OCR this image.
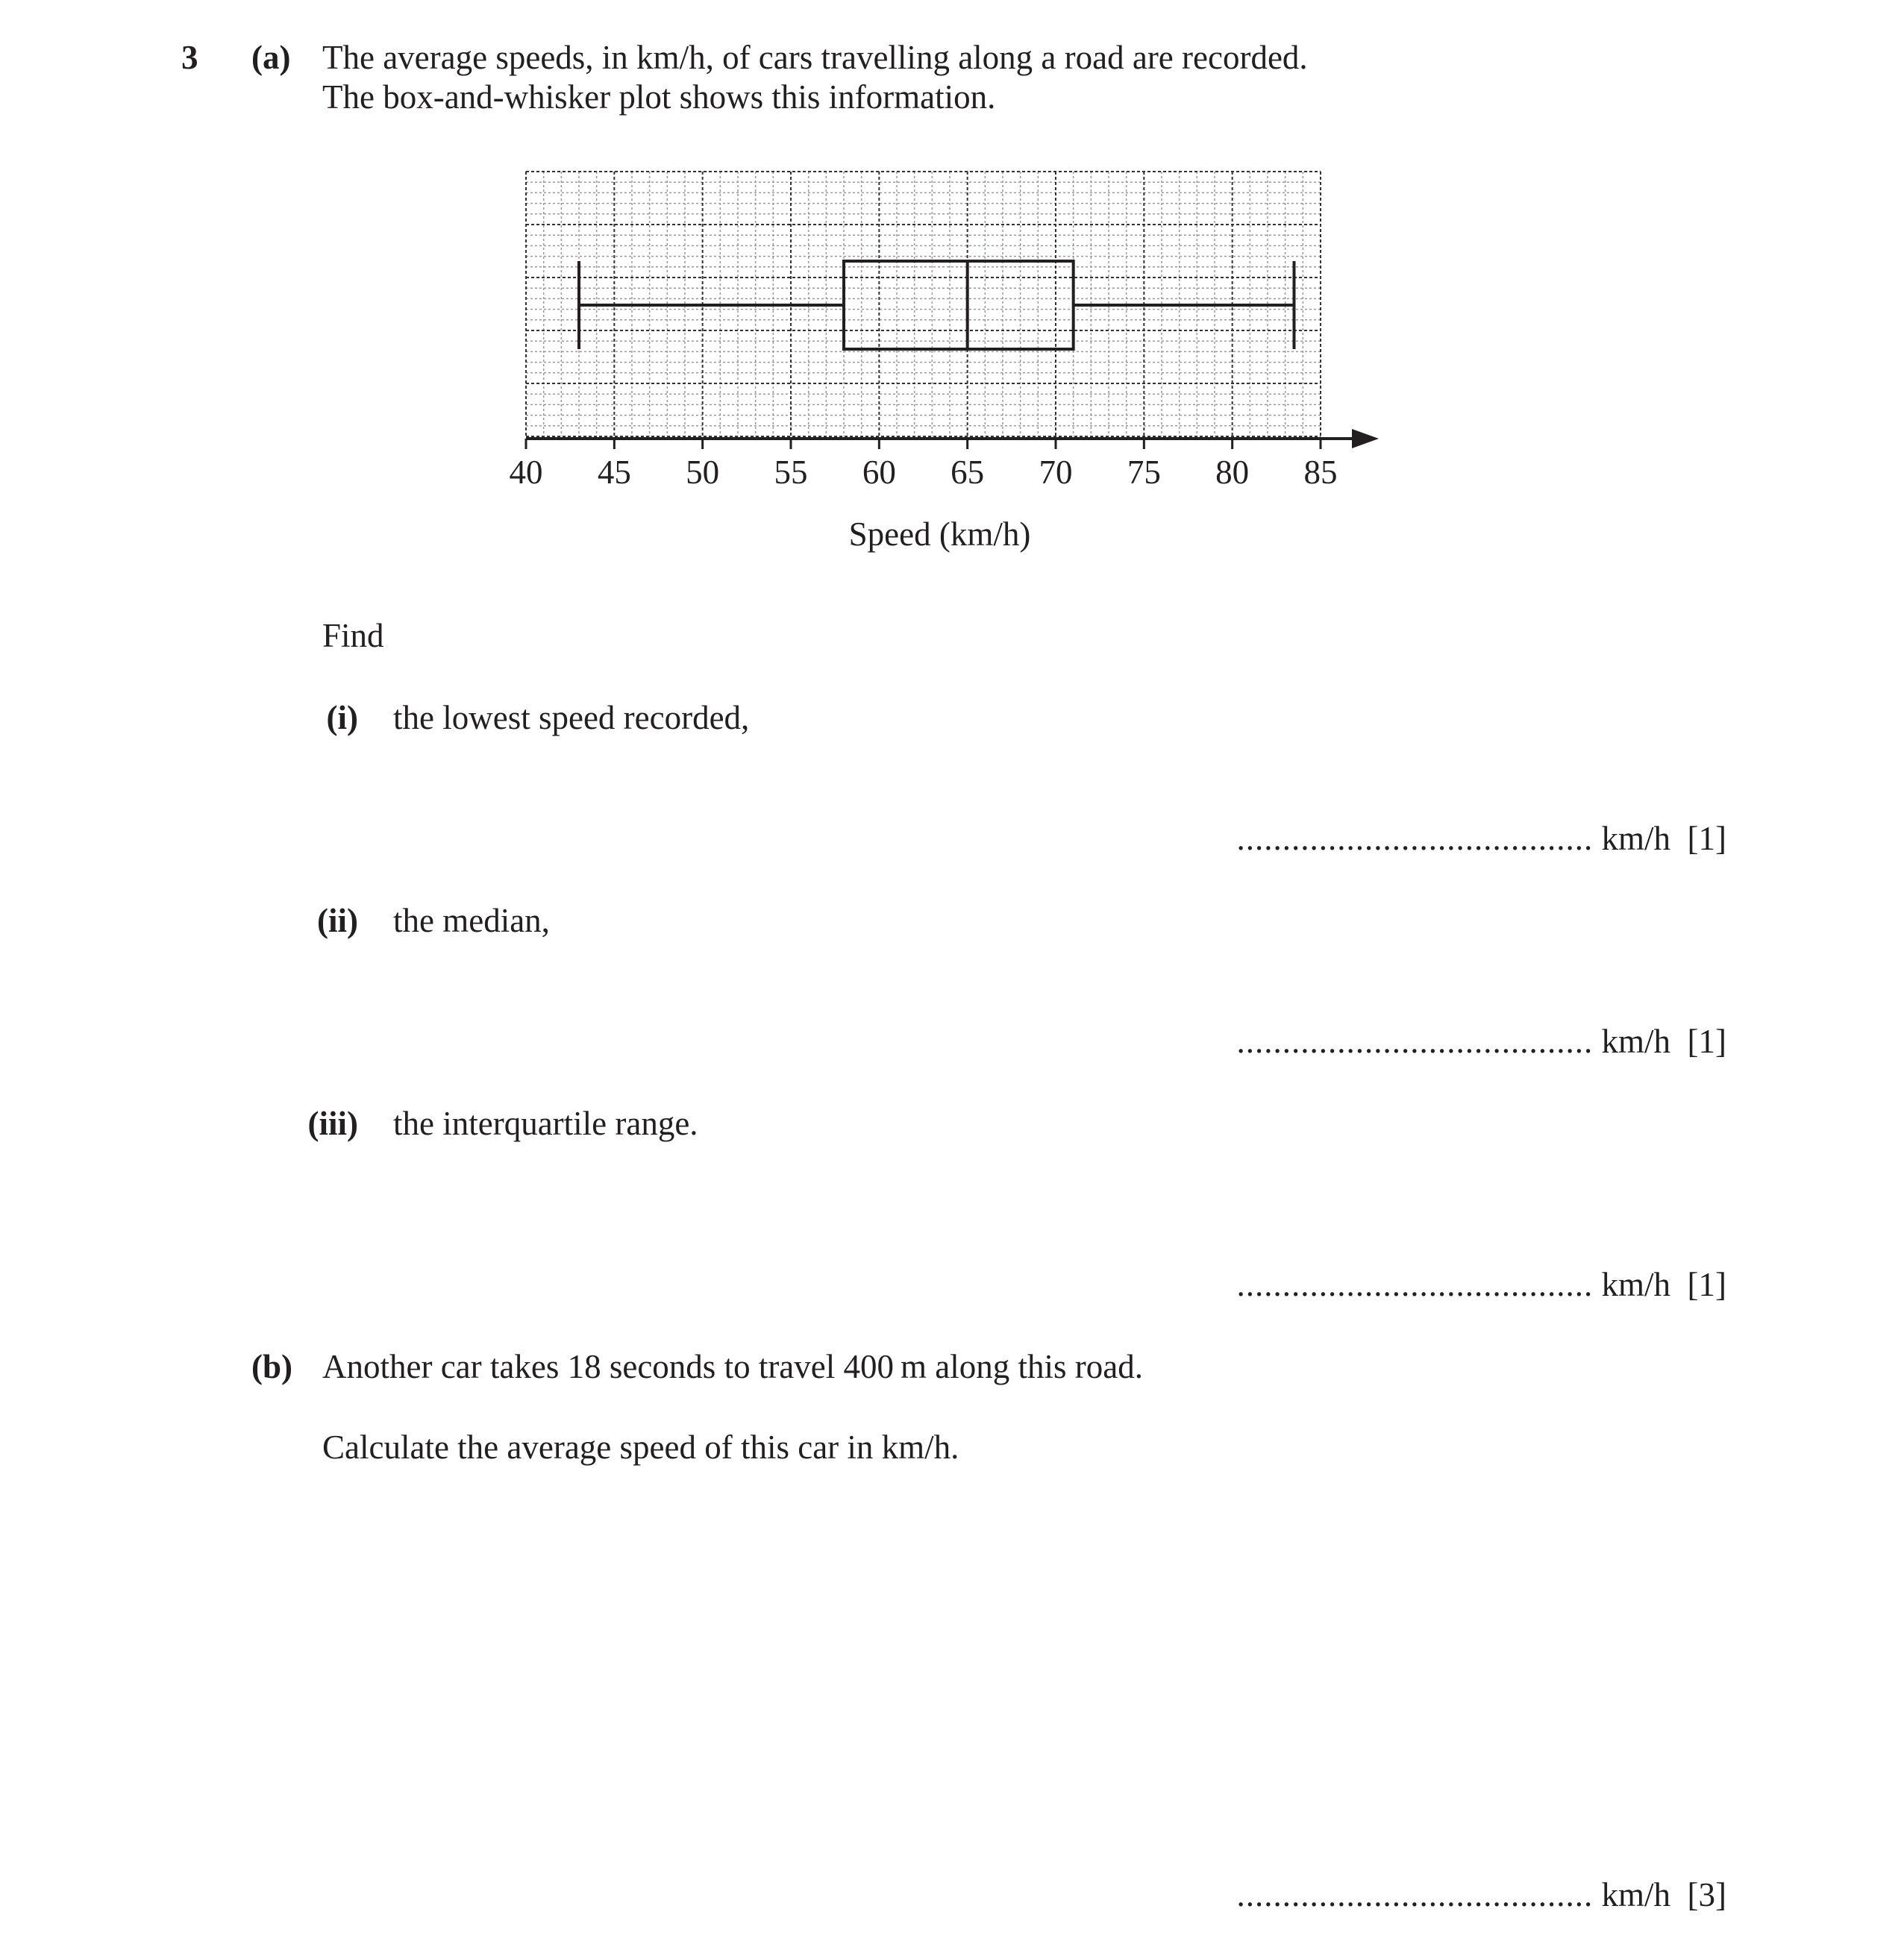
3 (a) The average speeds, in km/h, of cars travelling along a road are recorded.
The box-and-whisker plot shows this information.
40 45 50 55 60 65 70 75 80 85
Speed (km/h)
Find
(i) the lowest speed recorded,
....................................... km/h [1]
(ii) the median,
....................................... km/h [1]
(iii) the interquartile range.
....................................... km/h [1]
(b) Another car takes 18 seconds to travel 400 m along this road.
Calculate the average speed of this car in km/h.
....................................... km/h [3]
